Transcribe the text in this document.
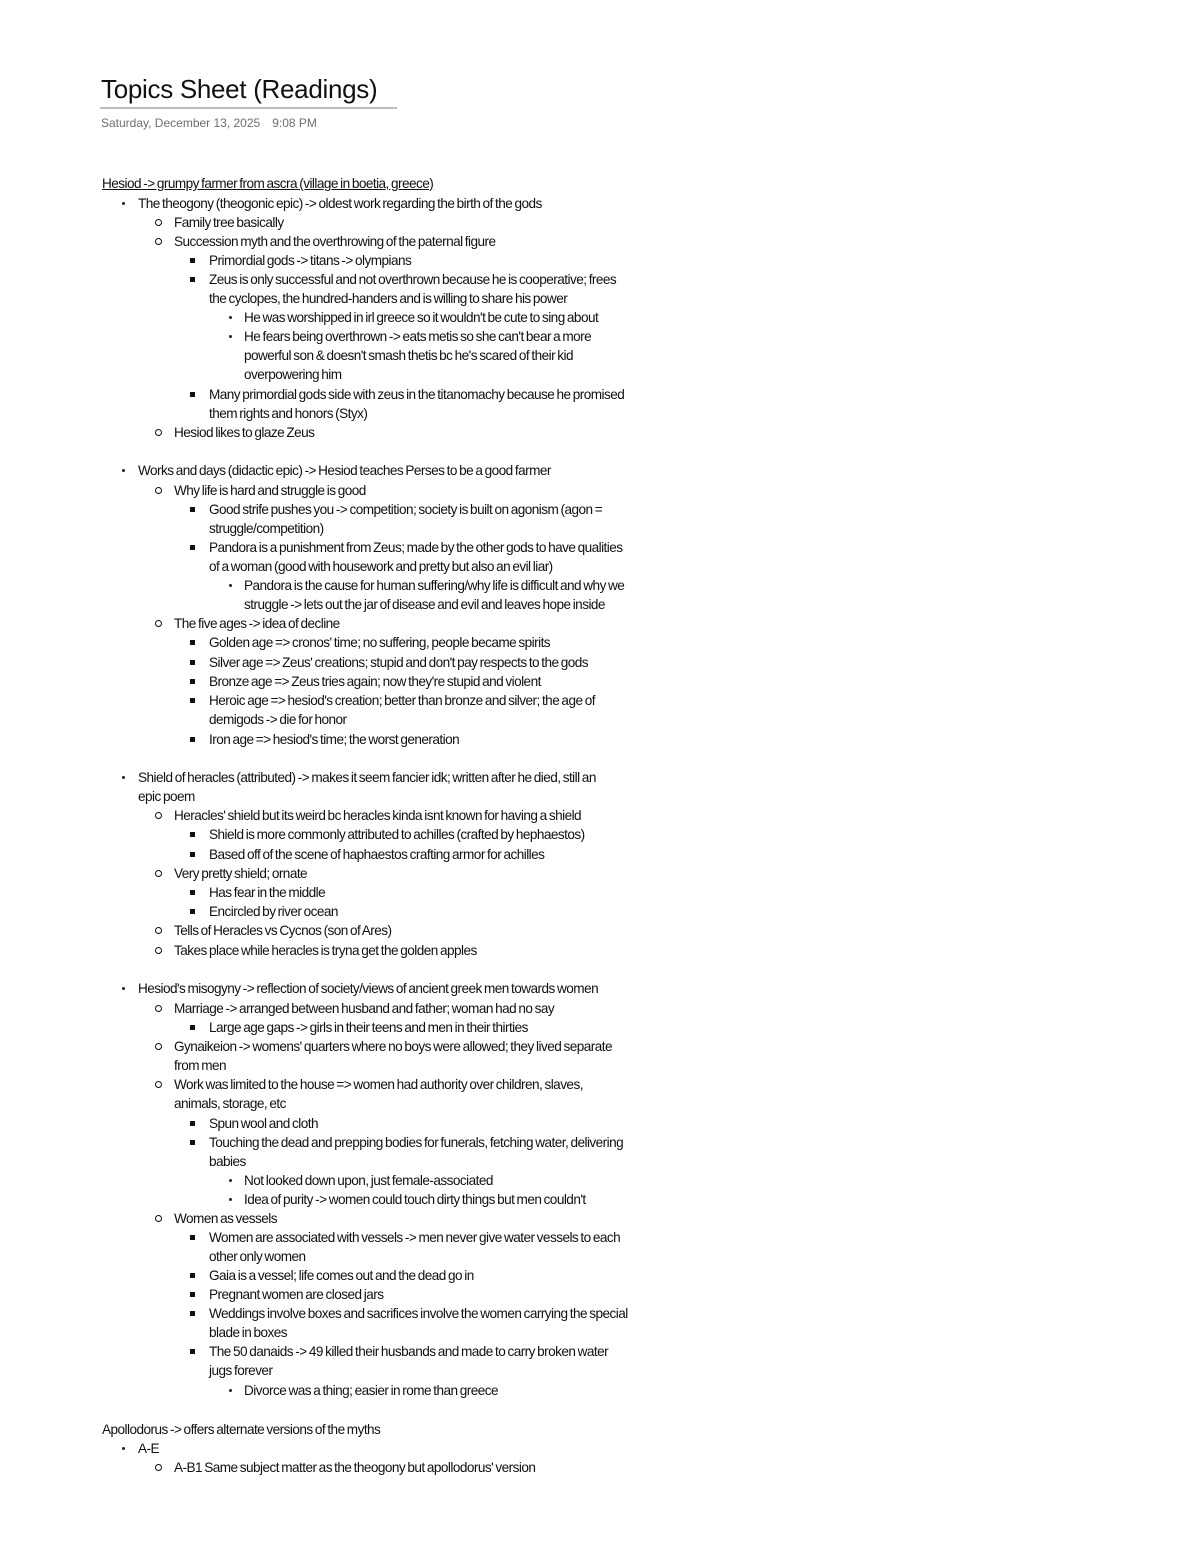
Topics Sheet (Readings)
Saturday, December 13, 2025 9:08 PM
Hesiod -> grumpy farmer from ascra (village in boetia, greece)
The theogony (theogonic epic) -> oldest work regarding the birth of the gods
Family tree basically
Succession myth and the overthrowing of the paternal figure
Primordial gods -> titans -> olympians
Zeus is only successful and not overthrown because he is cooperative; frees
the cyclopes, the hundred-handers and is willing to share his power
He was worshipped in irl greece so it wouldn't be cute to sing about
He fears being overthrown -> eats metis so she can't bear a more
powerful son & doesn't smash thetis bc he's scared of their kid
overpowering him
Many primordial gods side with zeus in the titanomachy because he promised
them rights and honors (Styx)
Hesiod likes to glaze Zeus
Works and days (didactic epic) -> Hesiod teaches Perses to be a good farmer
Why life is hard and struggle is good
Good strife pushes you -> competition; society is built on agonism (agon =
struggle/competition)
Pandora is a punishment from Zeus; made by the other gods to have qualities
of a woman (good with housework and pretty but also an evil liar)
Pandora is the cause for human suffering/why life is difficult and why we
struggle -> lets out the jar of disease and evil and leaves hope inside
The five ages -> idea of decline
Golden age => cronos' time; no suffering, people became spirits
Silver age => Zeus' creations; stupid and don't pay respects to the gods
Bronze age => Zeus tries again; now they're stupid and violent
Heroic age => hesiod's creation; better than bronze and silver; the age of
demigods -> die for honor
Iron age => hesiod's time; the worst generation
Shield of heracles (attributed) -> makes it seem fancier idk; written after he died, still an
epic poem
Heracles' shield but its weird bc heracles kinda isnt known for having a shield
Shield is more commonly attributed to achilles (crafted by hephaestos)
Based off of the scene of haphaestos crafting armor for achilles
Very pretty shield; ornate
Has fear in the middle
Encircled by river ocean
Tells of Heracles vs Cycnos (son of Ares)
Takes place while heracles is tryna get the golden apples
Hesiod's misogyny -> reflection of society/views of ancient greek men towards women
Marriage -> arranged between husband and father; woman had no say
Large age gaps -> girls in their teens and men in their thirties
Gynaikeion -> womens' quarters where no boys were allowed; they lived separate
from men
Work was limited to the house => women had authority over children, slaves,
animals, storage, etc
Spun wool and cloth
Touching the dead and prepping bodies for funerals, fetching water, delivering
babies
Not looked down upon, just female-associated
Idea of purity -> women could touch dirty things but men couldn't
Women as vessels
Women are associated with vessels -> men never give water vessels to each
other only women
Gaia is a vessel; life comes out and the dead go in
Pregnant women are closed jars
Weddings involve boxes and sacrifices involve the women carrying the special
blade in boxes
The 50 danaids -> 49 killed their husbands and made to carry broken water
jugs forever
Divorce was a thing; easier in rome than greece
Apollodorus -> offers alternate versions of the myths
A-E
A-B1 Same subject matter as the theogony but apollodorus' version
